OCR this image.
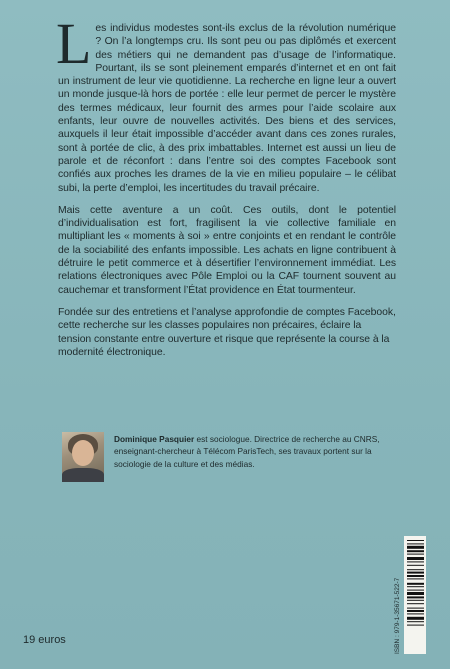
Les individus modestes sont-ils exclus de la révolution numérique ? On l’a longtemps cru. Ils sont peu ou pas diplômés et exercent des métiers qui ne demandent pas d’usage de l’informatique. Pourtant, ils se sont pleinement emparés d’internet et en ont fait un instrument de leur vie quotidienne. La recherche en ligne leur a ouvert un monde jusque-là hors de portée : elle leur permet de percer le mystère des termes médicaux, leur fournit des armes pour l’aide scolaire aux enfants, leur ouvre de nouvelles activités. Des biens et des services, auxquels il leur était impossible d’accéder avant dans ces zones rurales, sont à portée de clic, à des prix imbattables. Internet est aussi un lieu de parole et de réconfort : dans l’entre soi des comptes Facebook sont confiés aux proches les drames de la vie en milieu populaire – le célibat subi, la perte d’emploi, les incertitudes du travail précaire.

Mais cette aventure a un coût. Ces outils, dont le potentiel d’individualisation est fort, fragilisent la vie collective familiale en multipliant les « moments à soi » entre conjoints et en rendant le contrôle de la sociabilité des enfants impossible. Les achats en ligne contribuent à détruire le petit commerce et à désertifier l’environnement immédiat. Les relations électroniques avec Pôle Emploi ou la CAF tournent souvent au cauchemar et transforment l’État providence en État tourmenteur.

Fondée sur des entretiens et l’analyse approfondie de comptes Facebook, cette recherche sur les classes populaires non précaires, éclaire la tension constante entre ouverture et risque que représente la course à la modernité électronique.

Dominique Pasquier est sociologue. Directrice de recherche au CNRS, enseignant-chercheur à Télécom ParisTech, ses travaux portent sur la sociologie de la culture et des médias.
19 euros	ISBN : 979-1-35671-522-7
